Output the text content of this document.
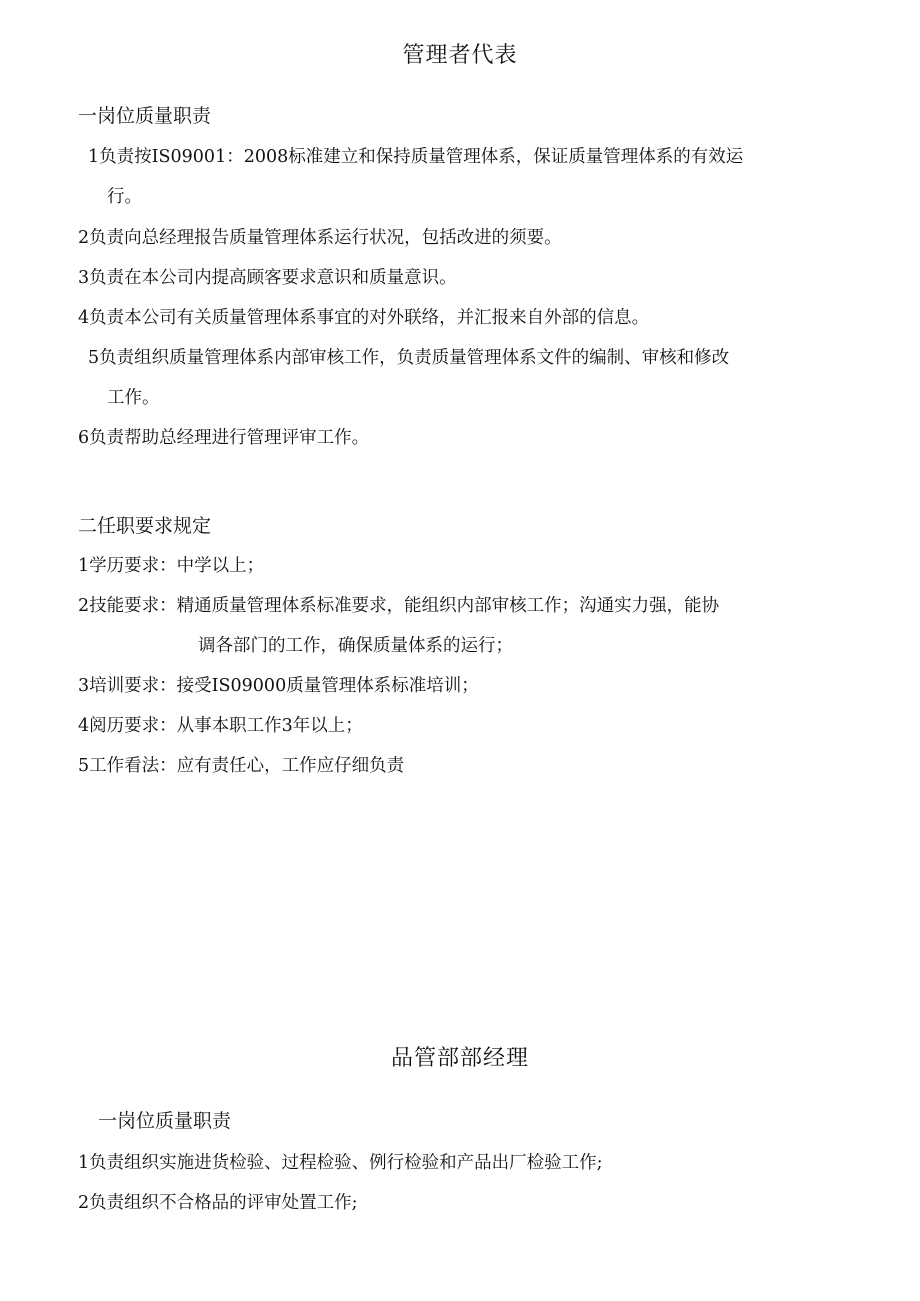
管理者代表

一岗位质量职责

1负责按IS09001：2008标准建立和保持质量管理体系，保证质量管理体系的有效运

行。

2负责向总经理报告质量管理体系运行状况，包括改进的须要。

3负责在本公司内提高顾客要求意识和质量意识。

4负责本公司有关质量管理体系事宜的对外联络，并汇报来自外部的信息。

5负责组织质量管理体系内部审核工作，负责质量管理体系文件的编制、审核和修改

工作。

6负责帮助总经理进行管理评审工作。

二任职要求规定

1学历要求：中学以上；

2技能要求：精通质量管理体系标准要求，能组织内部审核工作；沟通实力强，能协

调各部门的工作，确保质量体系的运行；

3培训要求：接受IS09000质量管理体系标准培训；

4阅历要求：从事本职工作3年以上；

5工作看法：应有责任心，工作应仔细负责

品管部部经理

一岗位质量职责

1负责组织实施进货检验、过程检验、例行检验和产品出厂检验工作;

2负责组织不合格品的评审处置工作;
